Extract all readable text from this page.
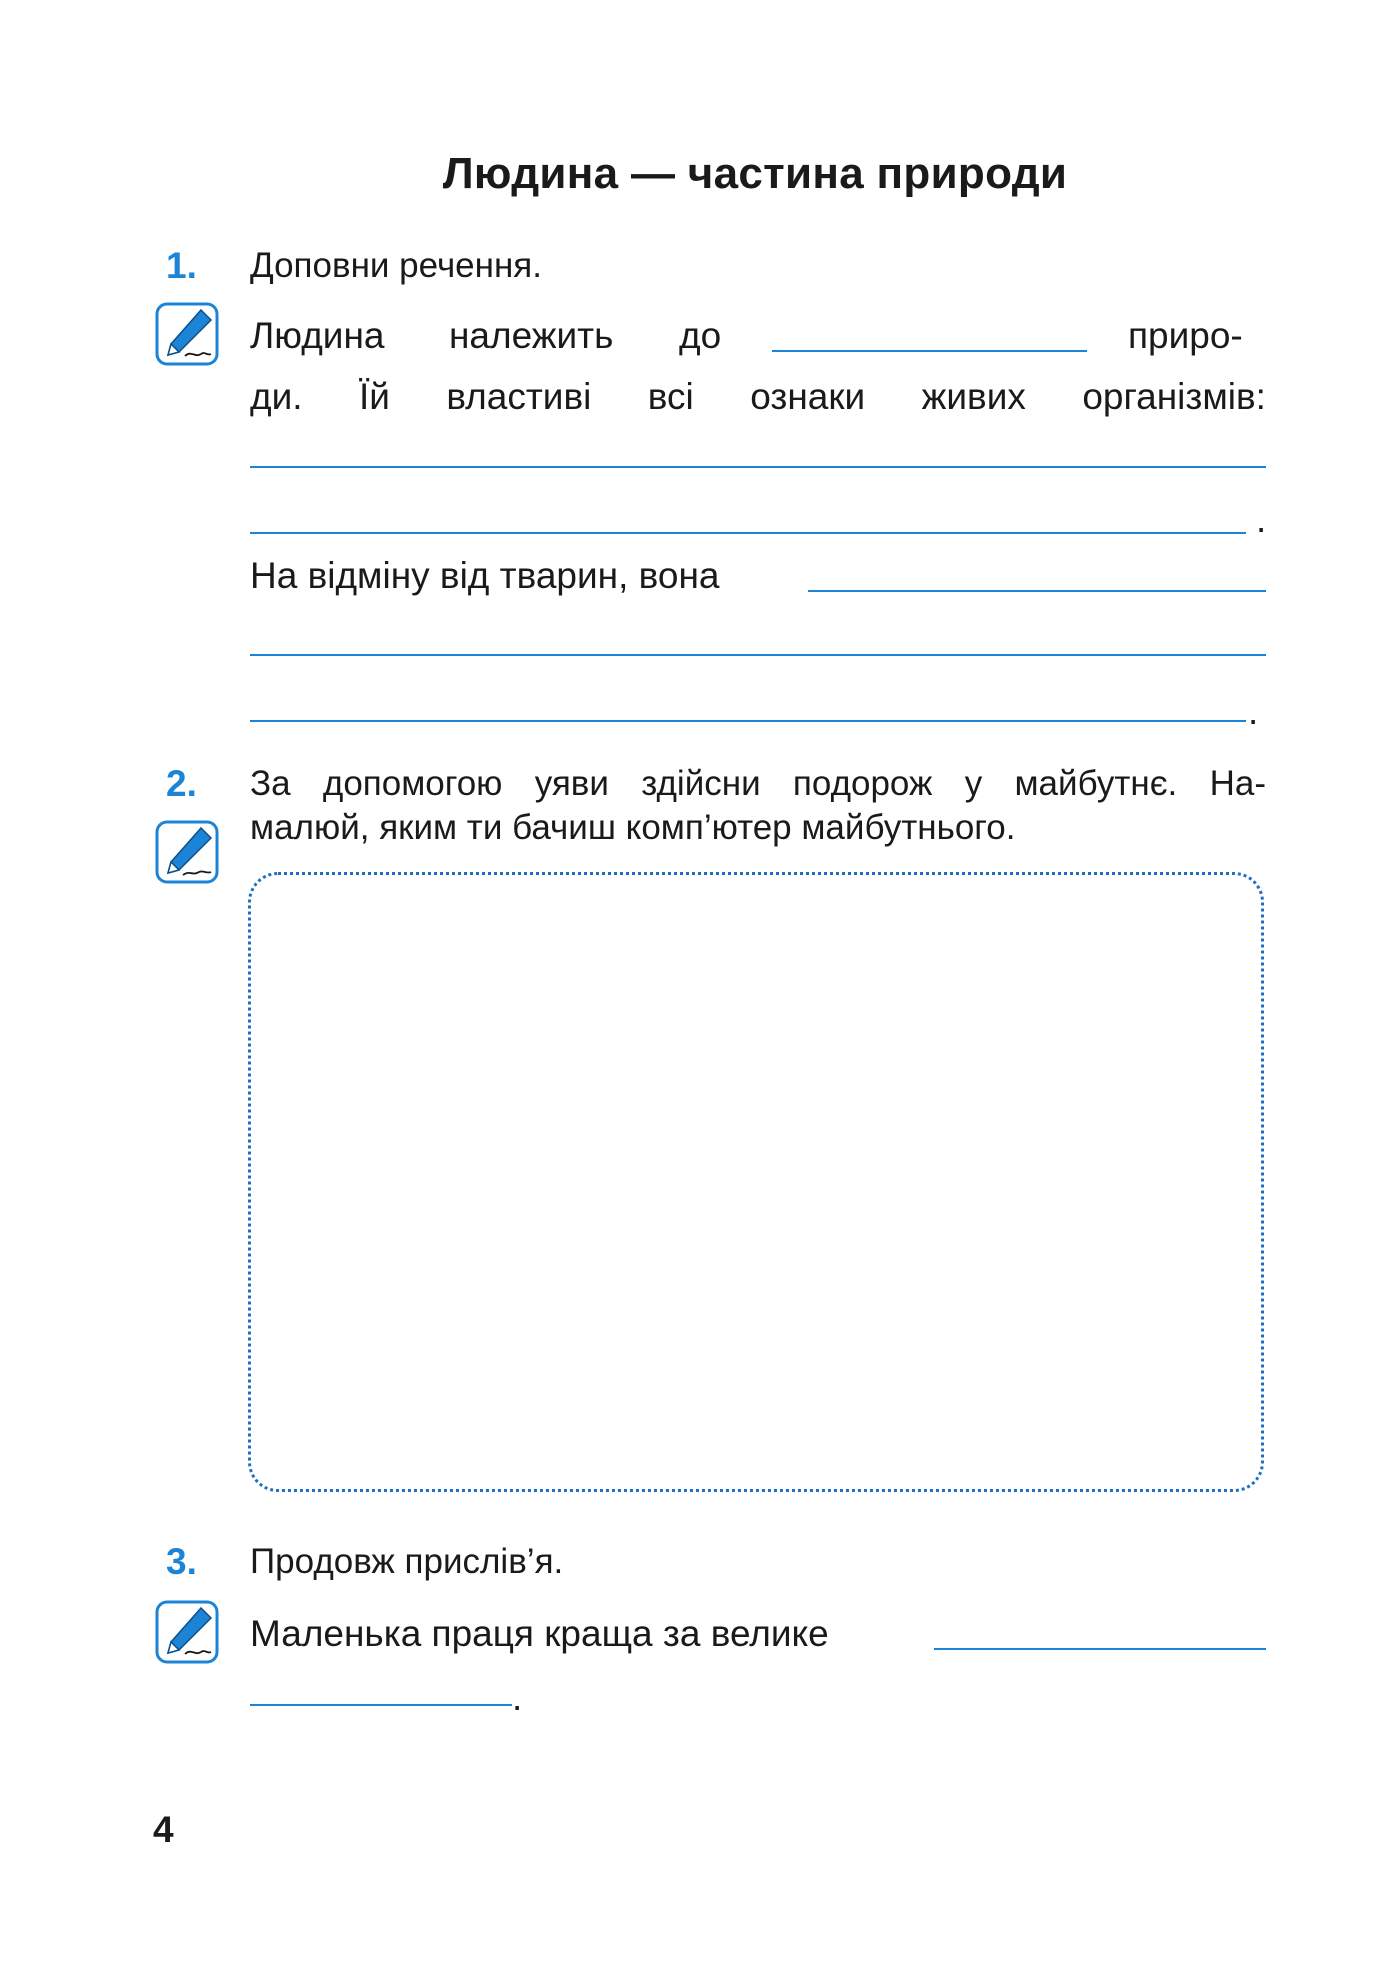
Людина — частина природи
1.	Доповни речення.
Людина належить до	приро-
ди. Їй властиві всі ознаки живих організмів:
.
На відміну від тварин, вона
.
2.	За допомогою уяви здійсни подорож у майбутнє. На-
малюй, яким ти бачиш комп’ютер майбутнього.
3.	Продовж прислів’я.
Маленька праця краща за велике
.
4
